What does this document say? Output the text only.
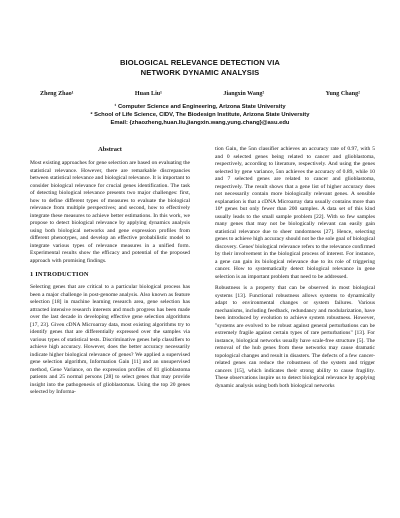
BIOLOGICAL RELEVANCE DETECTION VIA
NETWORK DYNAMIC ANALYSIS
Zheng Zhao¹	Huan Liu¹	Jiangxin Wang²	Yung Chang²
¹ Computer Science and Engineering, Arizona State University
² School of Life Science, CIDV, The Biodesign Institute, Arizona State University
Email: {zhaozheng,huan.liu,jiangxin.wang,yung.chang}@asu.edu
Abstract

Most existing approaches for gene selection are based on evaluating the statistical relevance. However, there are remarkable discrepancies between statistical relevance and biological relevance. It is important to consider biological relevance for crucial genes identification. The task of detecting biological relevance presents two major challenges: first, how to define different types of measures to evaluate the biological relevance from multiple perspectives; and second, how to effectively integrate these measures to achieve better estimations. In this work, we propose to detect biological relevance by applying dynamics analysis using both biological networks and gene expression profiles from different phenotypes, and develop an effective probabilistic model to integrate various types of relevance measures in a unified form. Experimental results show the efficacy and potential of the proposed approach with promising findings.

1 INTRODUCTION

Selecting genes that are critical to a particular biological process has been a major challenge in post-genome analysis. Also known as feature selection [18] in machine learning research area, gene selection has attracted intensive research interests and much progress has been made over the last decade in developing effective gene selection algorithms [17, 23]. Given cDNA Microarray data, most existing algorithms try to identify genes that are differentially expressed over the samples via various types of statistical tests. Discriminative genes help classifiers to achieve high accuracy. However, does the better accuracy necessarily indicate higher biological relevance of genes? We applied a supervised gene selection algorithm, Information Gain [11] and an unsupervised method, Gene Variance, on the expression profiles of 81 glioblastoma patients and 25 normal persons [28] to select genes that may provide insight into the pathogenesis of glioblastomas. Using the top 20 genes selected by Informa-

tion Gain, the 5nn classifier achieves an accuracy rate of 0.97, with 5 and 0 selected genes being related to cancer and glioblastoma, respectively, according to literature, respectively. And using the genes selected by gene variance, 5nn achieves the accuracy of 0.89, while 10 and 7 selected genes are related to cancer and glioblastoma, respectively. The result shows that a gene list of higher accuracy does not necessarily contain more biologically relevant genes. A sensible explanation is that a cDNA Microarray data usually contains more than 10⁴ genes but only fewer than 200 samples. A data set of this kind usually leads to the small sample problem [22]. With so few samples many genes that may not be biologically relevant can easily gain statistical relevance due to sheer randomness [27]. Hence, selecting genes to achieve high accuracy should not be the sole goal of biological discovery. Genes' biological relevance refers to the relevance confirmed by their involvement in the biological process of interest. For instance, a gene can gain its biological relevance due to its role of triggering cancer. How to systematically detect biological relevance in gene selection is an important problem that need to be addressed.

Robustness is a property that can be observed in most biological systems [13]. Functional robustness allows systems to dynamically adapt to environmental changes or system failures. Various mechanisms, including feedback, redundancy and modularization, have been introduced by evolution to achieve system robustness. However, "systems are evolved to be robust against general perturbations can be extremely fragile against certain types of rare perturbations" [13]. For instance, biological networks usually have scale-free structure [5]. The removal of the hub genes from these networks may cause dramatic topological changes and result in disasters. The defects of a few cancer-related genes can reduce the robustness of the system and trigger cancers [15], which indicates their strong ability to cause fragility. These observations inspire us to detect biological relevance by applying dynamic analysis using both both biological networks
